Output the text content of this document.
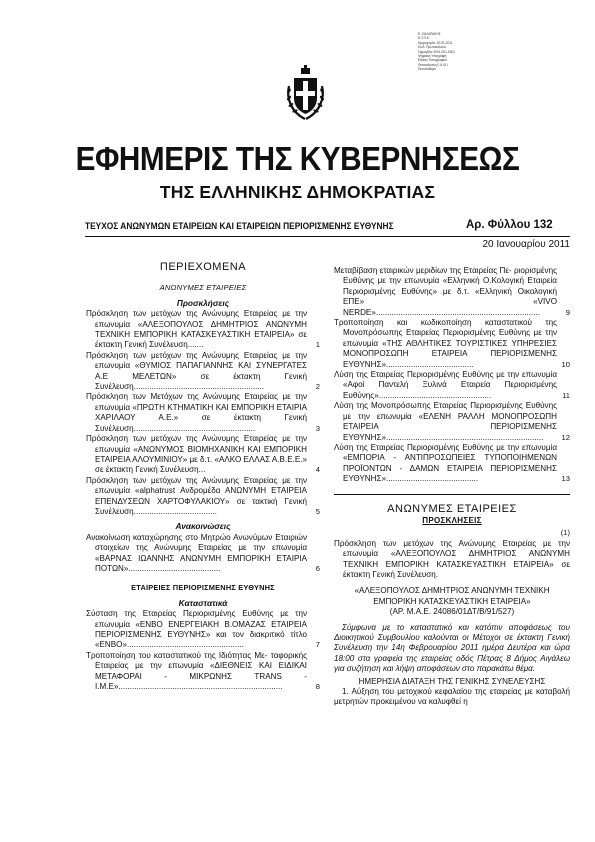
Ε. ΖΑΧΑΡΑΚΗΣ
Κ.Υ.Π.Ε.
Ημερομηνία: 20.01.2011
Κωδ. Πρωτοκόλλου:
Σφραγίδα: 0001-001-0001
Ψηφιακή Υπογραφή
Εθνικό Τυπογραφείο
Θεσσαλονίκη 0 8.41 Ι
Εκτυπώθηκε
ΕΦΗΜΕΡΙΣ ΤΗΣ ΚΥΒΕΡΝΗΣΕΩΣ
ΤΗΣ ΕΛΛΗΝΙΚΗΣ ΔΗΜΟΚΡΑΤΙΑΣ
ΤΕΥΧΟΣ ΑΝΩΝΥΜΩΝ ΕΤΑΙΡΕΙΩΝ ΚΑΙ ΕΤΑΙΡΕΙΩΝ ΠΕΡΙΟΡΙΣΜΕΝΗΣ ΕΥΘΥΝΗΣ	Αρ. Φύλλου 132
20 Ιανουαρίου 2011
ΠΕΡΙΕΧΟΜΕΝΑ
ΑΝΩΝΥΜΕΣ ΕΤΑΙΡΕΙΕΣ
Προσκλήσεις
Πρόσκληση των μετόχων της Ανώνυμης Εταιρείας με την επωνυμία «ΑΛΕΞΟΠΟΥΛΟΣ ΔΗΜΗΤΡΙΟΣ ΑΝΩΝΥΜΗ ΤΕΧΝΙΚΗ ΕΜΠΟΡΙΚΗ ΚΑΤΑΣΚΕΥΑΣΤΙΚΗ ΕΤΑΙΡΕΙΑ» σε έκτακτη Γενική Συνέλευση.......	1
Πρόσκληση των μετόχων της Ανώνυμης Εταιρείας με την επωνυμία «ΘΥΜΙΟΣ ΠΑΠΑΓΙΑΝΝΗΣ ΚΑΙ ΣΥΝΕΡΓΑΤΕΣ Α.Ε ΜΕΛΕΤΩΝ» σε έκτακτη Γενική Συνέλευση..........................................................	2
Πρόσκληση των Μετόχων της Ανώνυμης Εταιρείας με την επωνυμία «ΠΡΩΤΗ ΚΤΗΜΑΤΙΚΗ ΚΑΙ ΕΜΠΟΡΙΚΗ ΕΤΑΙΡΙΑ ΧΑΡΙΛΑΟΥ Α.Ε.» σε έκτακτη Γενική Συνέλευση......................................................	3
Πρόσκληση των μετόχων της Ανώνυμης Εταιρείας με την επωνυμία «ΑΝΩΝΥΜΟΣ ΒΙΟΜΗΧΑΝΙΚΗ ΚΑΙ ΕΜΠΟΡΙΚΗ ΕΤΑΙΡΕΙΑ ΑΛΟΥΜΙΝΙΟΥ» με δ.τ. «ΑΛΚΟ ΕΛΛΑΣ Α.Β.Ε.Ε.» σε έκτακτη Γενική Συνέλευση...	4
Πρόσκληση των μετόχων της Ανώνυμης Εταιρείας με την επωνυμία «alphatrust Ανδρομέδα ΑΝΩΝΥΜΗ ΕΤΑΙΡΕΙΑ ΕΠΕΝΔΥΣΕΩΝ ΧΑΡΤΟΦΥΛΑΚΙΟΥ» σε τακτική Γενική Συνέλευση.....................................	5
Ανακοινώσεις
Ανακοίνωση καταχώρησης στο Μητρώο Ανωνύμων Εταιριών στοιχείων της Ανώνυμης Εταιρείας με την επωνυμία «ΒΑΡΝΑΣ ΙΩΑΝΝΗΣ ΑΝΩΝΥΜΗ ΕΜΠΟΡΙΚΗ ΕΤΑΙΡΙΑ ΠΟΤΩΝ».........................................	6
ΕΤΑΙΡΕΙΕΣ ΠΕΡΙΟΡΙΣΜΕΝΗΣ ΕΥΘΥΝΗΣ
Καταστατικά
Σύσταση της Εταιρείας Περιορισμένης Ευθύνης με την επωνυμία «ΕΝΒΟ ΕΝΕΡΓΕΙΑΚΗ Β.ΟΜΑΖΑΣ ΕΤΑΙΡΕΙΑ ΠΕΡΙΟΡΙΣΜΕΝΗΣ ΕΥΘΥΝΗΣ» και τον διακριτικό τίτλο «ΕΝΒΟ»....................................................	7
Τροποποίηση του καταστατικού της Ιδιότητας Με- ταφορικής Εταιρείας με την επωνυμία «ΔΙΕΘΝΕΙΣ ΚΑΙ ΕΙΔΙΚΑΙ ΜΕΤΑΦΟΡΑΙ - ΜΙΚΡΩΝΗΣ TRANS - I.M.E».........................................................................	8
Μεταβίβαση εταιρικών μεριδίων της Εταιρείας Πε- ριορισμένης Ευθύνης με την επωνυμία «Ελληνική Ο.Κολογική Εταιρεία Περιορισμένης Ευθύνης» με δ.τ. «Ελληνική Οικολογική ΕΠΕ» «VIVO NERDE».........................................................................	9
Τροποποίηση και κωδικοποίηση καταστατικού της Μονοπρόσωπης Εταιρείας Περιορισμένης Ευθύνης με την επωνυμία «ΤΗΣ ΑΘΛΗΤΙΚΕΣ ΤΟΥΡΙΣΤΙΚΕΣ ΥΠΗΡΕΣΙΕΣ ΜΟΝΟΠΡΟΣΩΠΗ ΕΤΑΙΡΕΙΑ ΠΕΡΙΟΡΙΣΜΕΝΗΣ ΕΥΘΥΝΗΣ».......................................	10
Λύση της Εταιρείας Περιορισμένης Ευθύνης με την επωνυμία «Αφοί Παντελή Ξυλινά Εταιρεία Περιορισμένης Ευθύνης»..................................................	11
Λύση της Μονοπρόσωπης Εταιρείας Περιορισμένης Ευθύνης με την επωνυμία «ΕΛΕΝΗ ΡΑΛΛΗ ΜΟΝΟΠΡΟΣΩΠΗ ΕΤΑΙΡΕΙΑ ΠΕΡΙΟΡΙΣΜΕΝΗΣ ΕΥΘΥΝΗΣ»...................................................................... 12
Λύση της Εταιρείας Περιορισμένης Ευθύνης με την επωνυμία «ΕΜΠΟΡΙΑ - ΑΝΤΙΠΡΟΣΩΠΕΙΕΣ ΤΥΠΟΠΟΙΗΜΕΝΩΝ ΠΡΟΪΟΝΤΩΝ - ΔΑΜΩΝ ΕΤΑΙΡΕΙΑ ΠΕΡΙΟΡΙΣΜΕΝΗΣ ΕΥΘΥΝΗΣ».........................................	13
ΑΝΩΝΥΜΕΣ ΕΤΑΙΡΕΙΕΣ
ΠΡΟΣΚΛΗΣΕΙΣ
(1)
Πρόσκληση των μετόχων της Ανώνυμης Εταιρείας με την επωνυμία «ΑΛΕΞΟΠΟΥΛΟΣ ΔΗΜΗΤΡΙΟΣ ΑΝΩΝΥΜΗ ΤΕΧΝΙΚΗ ΕΜΠΟΡΙΚΗ ΚΑΤΑΣΚΕΥΑΣΤΙΚΗ ΕΤΑΙΡΕΙΑ» σε έκτακτη Γενική Συνέλευση.
«ΑΛΕΞΟΠΟΥΛΟΣ ΔΗΜΗΤΡΙΟΣ ΑΝΩΝΥΜΗ ΤΕΧΝΙΚΗ ΕΜΠΟΡΙΚΗ ΚΑΤΑΣΚΕΥΑΣΤΙΚΗ ΕΤΑΙΡΕΙΑ»
(ΑΡ. Μ.Α.Ε. 24086/01ΔΤ/Β/91/527)
Σύμφωνα με το καταστατικό και κατόπιν αποφάσεως του Διοικητικού Συμβουλίου καλούνται οι Μέτοχοι σε έκτακτη Γενική Συνέλευση την 14η Φεβρουαρίου 2011 ημέρα Δευτέρα και ώρα 18:00 στα γραφεία της εταιρείας οδός Πέτρας 8 Δήμος Αιγάλεω για συζήτηση και λήψη αποφάσεων στο παρακάτω θέμα.
ΗΜΕΡΗΣΙΑ ΔΙΑΤΑΞΗ ΤΗΣ ΓΕΝΙΚΗΣ ΣΥΝΕΛΕΥΣΗΣ
1. Αύξηση του μετοχικού κεφαλαίου της εταιρείας με καταβολή μετρητών προκειμένου να καλυφθεί η
